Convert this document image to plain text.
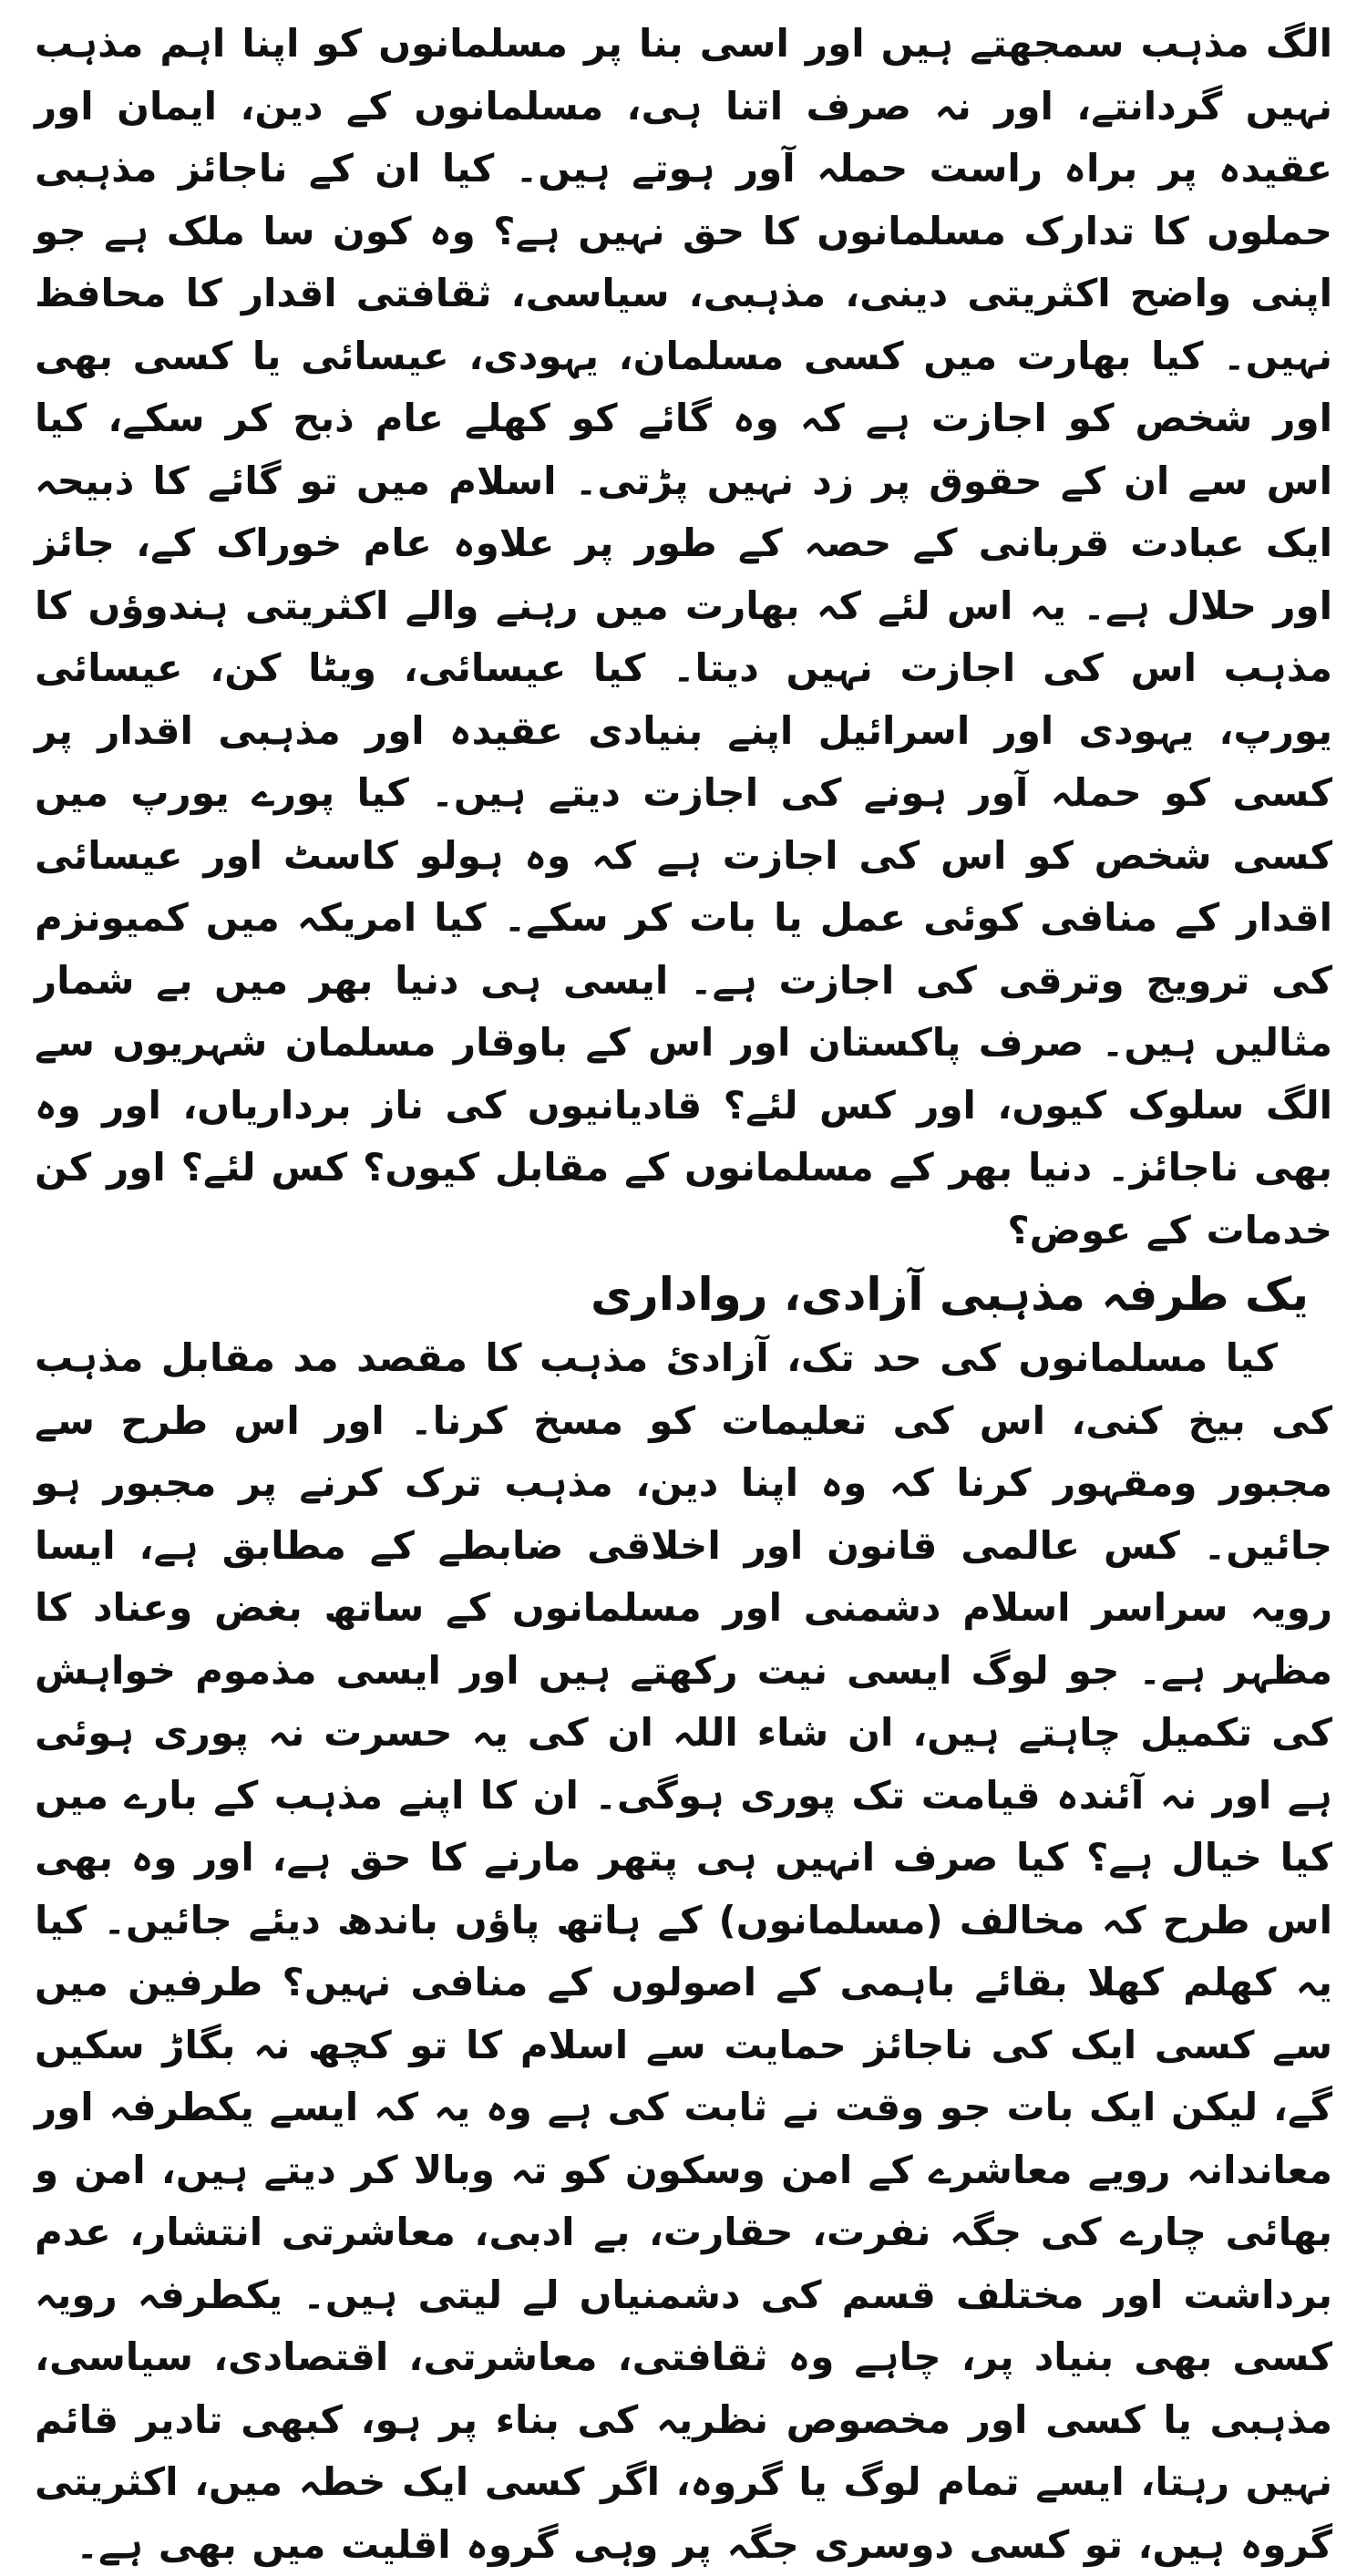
الگ مذہب سمجھتے ہیں اور اسی بنا پر مسلمانوں کو اپنا اہم مذہب نہیں گردانتے، اور نہ صرف اتنا ہی، مسلمانوں کے دین، ایمان اور عقیدہ پر براہ راست حملہ آور ہوتے ہیں۔ کیا ان کے ناجائز مذہبی حملوں کا تدارک مسلمانوں کا حق نہیں ہے؟ وہ کون سا ملک ہے جو اپنی واضح اکثریتی دینی، مذہبی، سیاسی، ثقافتی اقدار کا محافظ نہیں۔ کیا بھارت میں کسی مسلمان، یہودی، عیسائی یا کسی بھی اور شخص کو اجازت ہے کہ وہ گائے کو کھلے عام ذبح کر سکے، کیا اس سے ان کے حقوق پر زد نہیں پڑتی۔ اسلام میں تو گائے کا ذبیحہ ایک عبادت قربانی کے حصہ کے طور پر علاوہ عام خوراک کے، جائز اور حلال ہے۔ یہ اس لئے کہ بھارت میں رہنے والے اکثریتی ہندوؤں کا مذہب اس کی اجازت نہیں دیتا۔ کیا عیسائی، ویٹا کن، عیسائی یورپ، یہودی اور اسرائیل اپنے بنیادی عقیدہ اور مذہبی اقدار پر کسی کو حملہ آور ہونے کی اجازت دیتے ہیں۔ کیا پورے یورپ میں کسی شخص کو اس کی اجازت ہے کہ وہ ہولو کاسٹ اور عیسائی اقدار کے منافی کوئی عمل یا بات کر سکے۔ کیا امریکہ میں کمیونزم کی ترویج وترقی کی اجازت ہے۔ ایسی ہی دنیا بھر میں بے شمار مثالیں ہیں۔ صرف پاکستان اور اس کے باوقار مسلمان شہریوں سے الگ سلوک کیوں، اور کس لئے؟ قادیانیوں کی ناز برداریاں، اور وہ بھی ناجائز۔ دنیا بھر کے مسلمانوں کے مقابل کیوں؟ کس لئے؟ اور کن خدمات کے عوض؟

یک طرفہ مذہبی آزادی، رواداری

کیا مسلمانوں کی حد تک، آزادیٔ مذہب کا مقصد مد مقابل مذہب کی بیخ کنی، اس کی تعلیمات کو مسخ کرنا۔ اور اس طرح سے مجبور ومقہور کرنا کہ وہ اپنا دین، مذہب ترک کرنے پر مجبور ہو جائیں۔ کس عالمی قانون اور اخلاقی ضابطے کے مطابق ہے، ایسا رویہ سراسر اسلام دشمنی اور مسلمانوں کے ساتھ بغض وعناد کا مظہر ہے۔ جو لوگ ایسی نیت رکھتے ہیں اور ایسی مذموم خواہش کی تکمیل چاہتے ہیں، ان شاء اللہ ان کی یہ حسرت نہ پوری ہوئی ہے اور نہ آئندہ قیامت تک پوری ہوگی۔ ان کا اپنے مذہب کے بارے میں کیا خیال ہے؟ کیا صرف انہیں ہی پتھر مارنے کا حق ہے، اور وہ بھی اس طرح کہ مخالف (مسلمانوں) کے ہاتھ پاؤں باندھ دیئے جائیں۔ کیا یہ کھلم کھلا بقائے باہمی کے اصولوں کے منافی نہیں؟ طرفین میں سے کسی ایک کی ناجائز حمایت سے اسلام کا تو کچھ نہ بگاڑ سکیں گے، لیکن ایک بات جو وقت نے ثابت کی ہے وہ یہ کہ ایسے یکطرفہ اور معاندانہ رویے معاشرے کے امن وسکون کو تہ وبالا کر دیتے ہیں، امن و بھائی چارے کی جگہ نفرت، حقارت، بے ادبی، معاشرتی انتشار، عدم برداشت اور مختلف قسم کی دشمنیاں لے لیتی ہیں۔ یکطرفہ رویہ کسی بھی بنیاد پر، چاہے وہ ثقافتی، معاشرتی، اقتصادی، سیاسی، مذہبی یا کسی اور مخصوص نظریہ کی بناء پر ہو، کبھی تادیر قائم نہیں رہتا، ایسے تمام لوگ یا گروہ، اگر کسی ایک خطہ میں، اکثریتی گروہ ہیں، تو کسی دوسری جگہ پر وہی گروہ اقلیت میں بھی ہے۔
